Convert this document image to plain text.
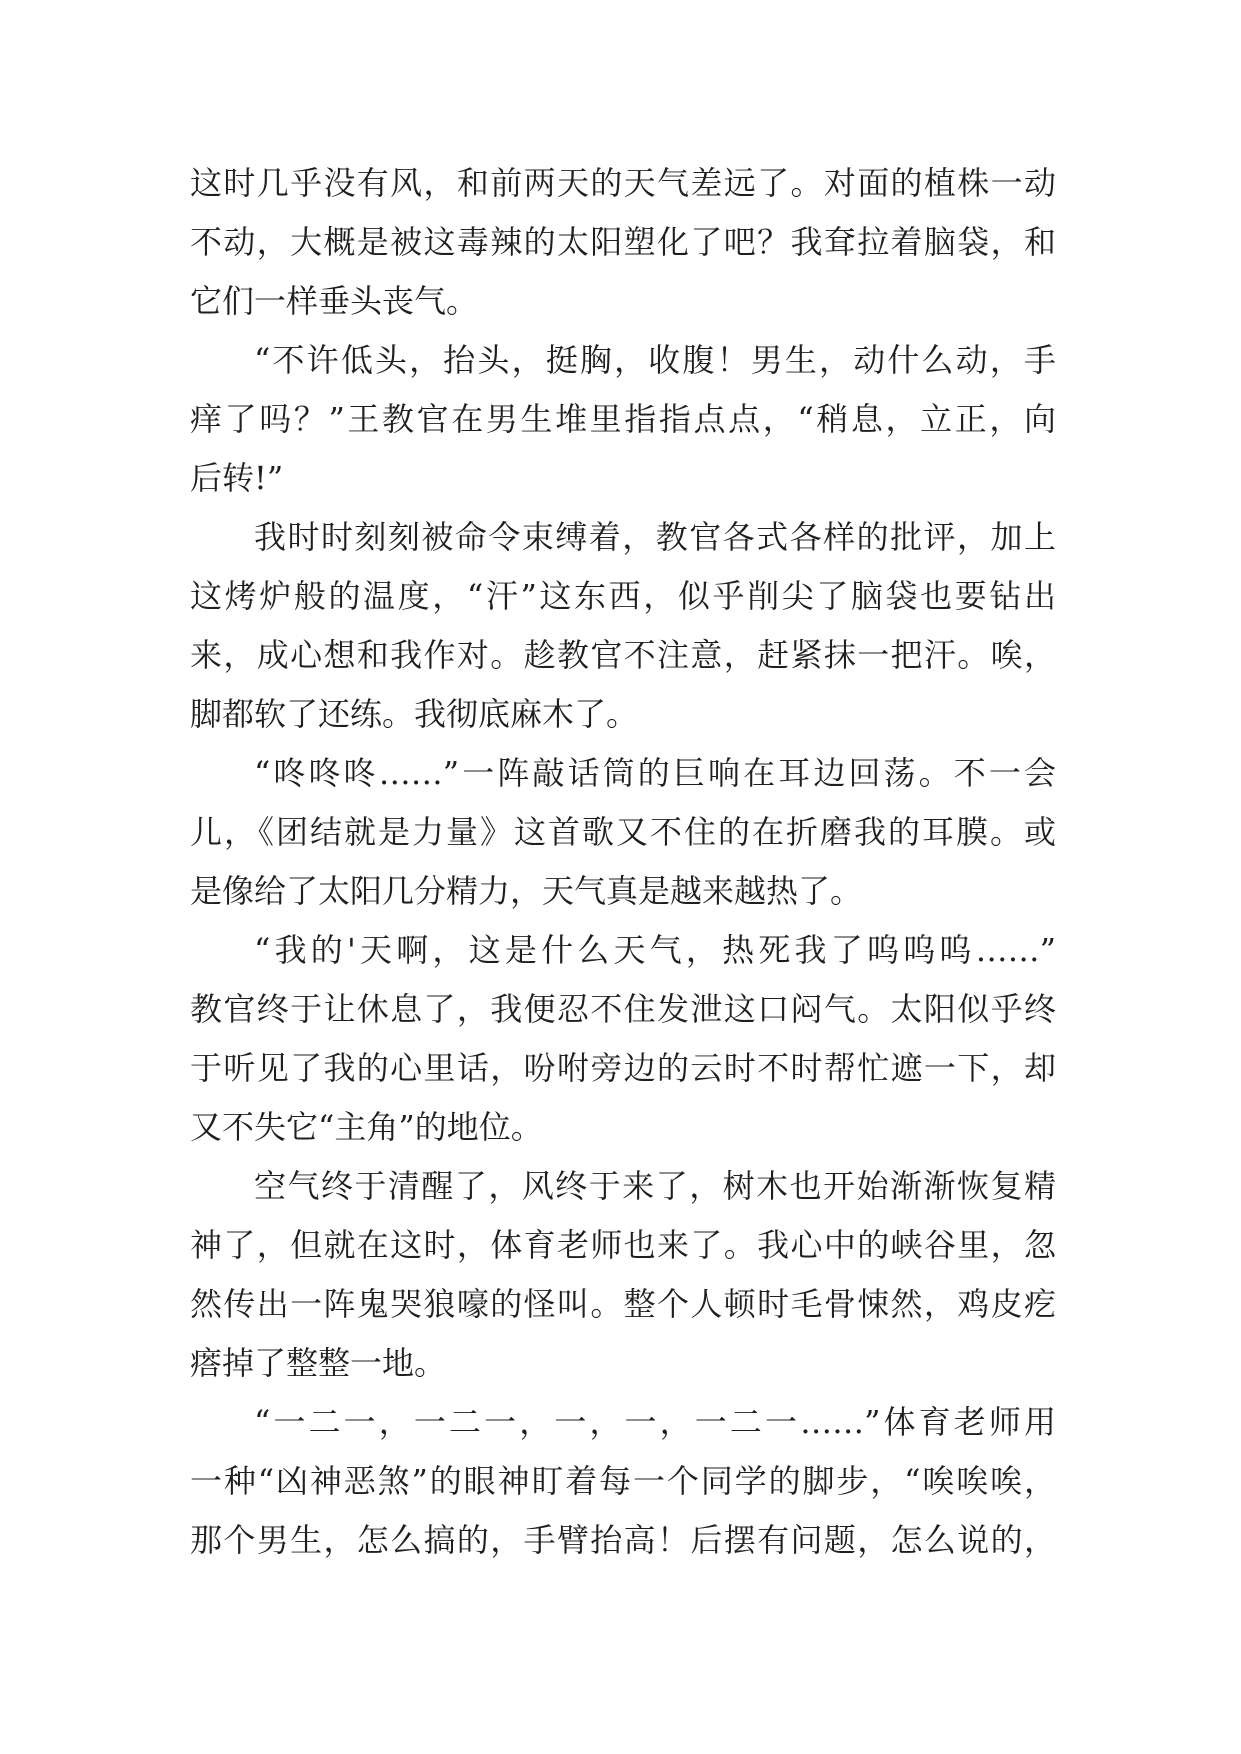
这时几乎没有风，和前两天的天气差远了。对面的植株一动
不动，大概是被这毒辣的太阳塑化了吧？我耷拉着脑袋，和
它们一样垂头丧气。
“不许低头，抬头，挺胸，收腹！男生，动什么动，手
痒了吗？”王教官在男生堆里指指点点，“稍息，立正，向
后转!”
我时时刻刻被命令束缚着，教官各式各样的批评，加上
这烤炉般的温度，“汗”这东西，似乎削尖了脑袋也要钻出
来，成心想和我作对。趁教官不注意，赶紧抹一把汗。唉，
脚都软了还练。我彻底麻木了。
“咚咚咚……”一阵敲话筒的巨响在耳边回荡。不一会
儿，《团结就是力量》这首歌又不住的在折磨我的耳膜。或
是像给了太阳几分精力，天气真是越来越热了。
“我的'天啊，这是什么天气，热死我了呜呜呜……”
教官终于让休息了，我便忍不住发泄这口闷气。太阳似乎终
于听见了我的心里话，吩咐旁边的云时不时帮忙遮一下，却
又不失它“主角”的地位。
空气终于清醒了，风终于来了，树木也开始渐渐恢复精
神了，但就在这时，体育老师也来了。我心中的峡谷里，忽
然传出一阵鬼哭狼嚎的怪叫。整个人顿时毛骨悚然，鸡皮疙
瘩掉了整整一地。
“一二一，一二一，一，一，一二一……”体育老师用
一种“凶神恶煞”的眼神盯着每一个同学的脚步，“唉唉唉，
那个男生，怎么搞的，手臂抬高！后摆有问题，怎么说的，
